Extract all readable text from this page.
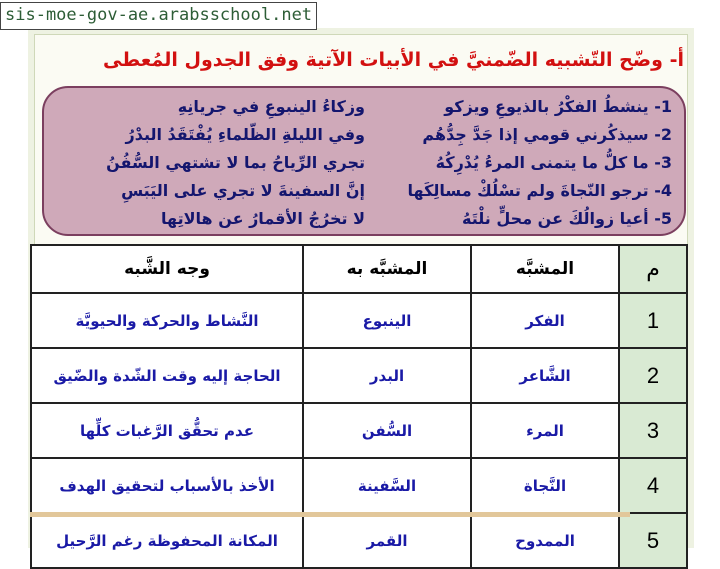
sis-moe-gov-ae.arabsschool.net
أ- وضّح التّشبيه الضّمنيَّ في الأبيات الآتية وفق الجدول المُعطى
1- ينشطُ الفكْرُ بالذيوعِ ويزكو
وزكاءُ الينبوعِ في جريانِهِ
2- سيذكُرني قومي إذا جَدَّ جِدُّهُم
وفي الليلةِ الظّلماءِ يُفْتَقَدُ البدْرُ
3- ما كلُّ ما يتمنى المرءُ يُدْرِكُهُ
تجري الرِّياحُ بما لا تشتهي السُّفُنُ
4- ترجو النّجاةَ ولم تسْلُكْ مسالِكَها
إنَّ السفينةَ لا تجري على اليَبَسِ
5- أعيا زوالُكَ عن محلٍّ نلْتَهُ
لا تخرُجُ الأقمارُ عن هالاتِها
م	المشبَّه	المشبَّه به	وجه الشَّبه
1	الفكر	الينبوع	النَّشاط والحركة والحيويَّة
2	الشَّاعر	البدر	الحاجة إليه وقت الشّدة والضّيق
3	المرء	السُّفن	عدم تحقُّق الرَّغبات كلِّها
4	النَّجاة	السَّفينة	الأخذ بالأسباب لتحقيق الهدف
5	الممدوح	القمر	المكانة المحفوظة رغم الرَّحيل
